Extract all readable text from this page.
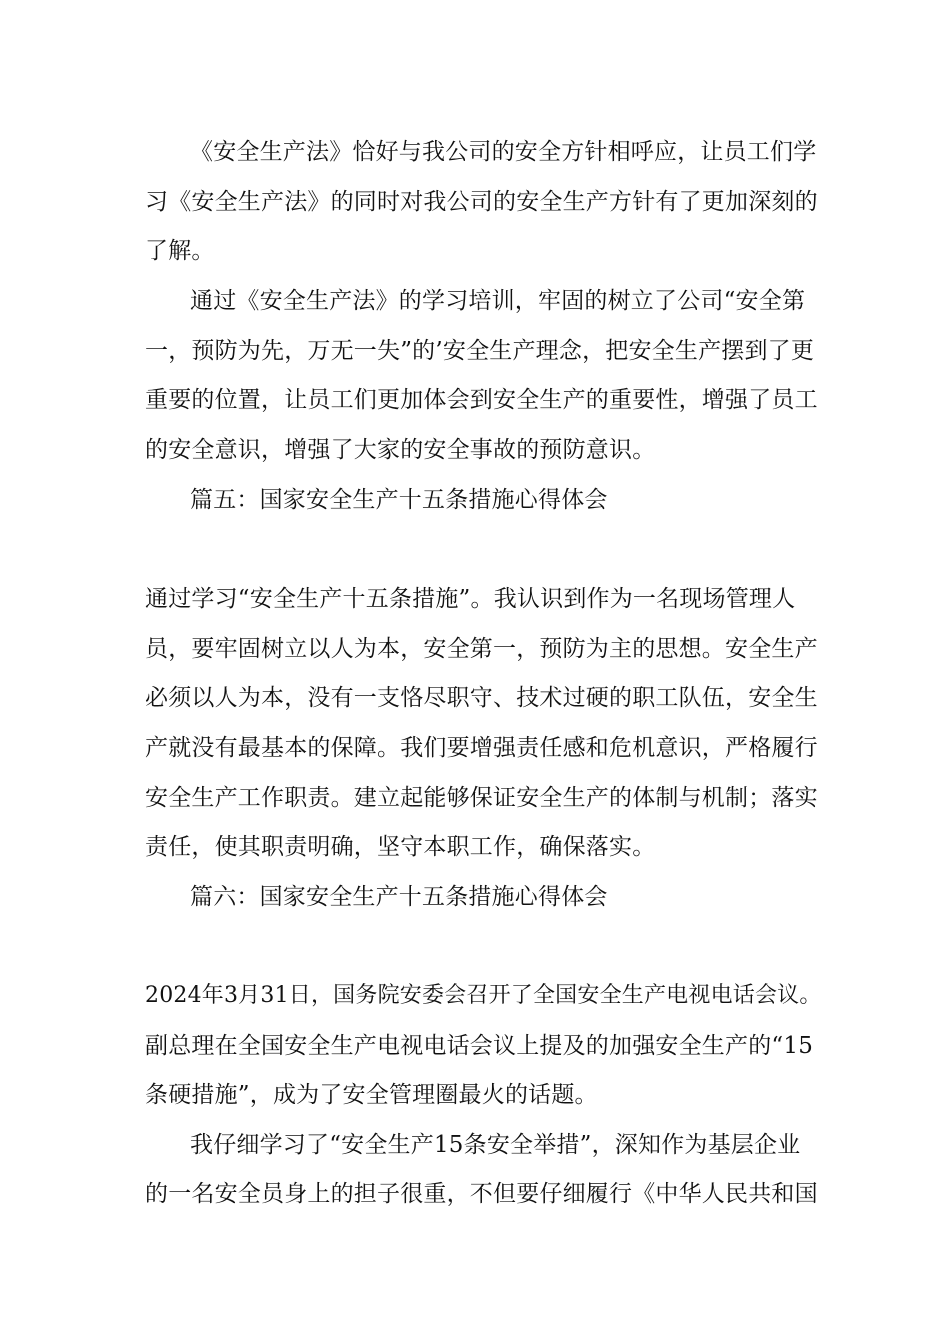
《安全生产法》恰好与我公司的安全方针相呼应，让员工们学
习《安全生产法》的同时对我公司的安全生产方针有了更加深刻的
了解。
通过《安全生产法》的学习培训，牢固的树立了公司“安全第
一，预防为先，万无一失”的’安全生产理念，把安全生产摆到了更
重要的位置，让员工们更加体会到安全生产的重要性，增强了员工
的安全意识，增强了大家的安全事故的预防意识。
篇五：国家安全生产十五条措施心得体会
通过学习“安全生产十五条措施”。我认识到作为一名现场管理人
员，要牢固树立以人为本，安全第一，预防为主的思想。安全生产
必须以人为本，没有一支恪尽职守、技术过硬的职工队伍，安全生
产就没有最基本的保障。我们要增强责任感和危机意识，严格履行
安全生产工作职责。建立起能够保证安全生产的体制与机制；落实
责任，使其职责明确，坚守本职工作，确保落实。
篇六：国家安全生产十五条措施心得体会
2024年3月31日，国务院安委会召开了全国安全生产电视电话会议。
副总理在全国安全生产电视电话会议上提及的加强安全生产的“15
条硬措施”，成为了安全管理圈最火的话题。
我仔细学习了“安全生产15条安全举措”，深知作为基层企业
的一名安全员身上的担子很重，不但要仔细履行《中华人民共和国
